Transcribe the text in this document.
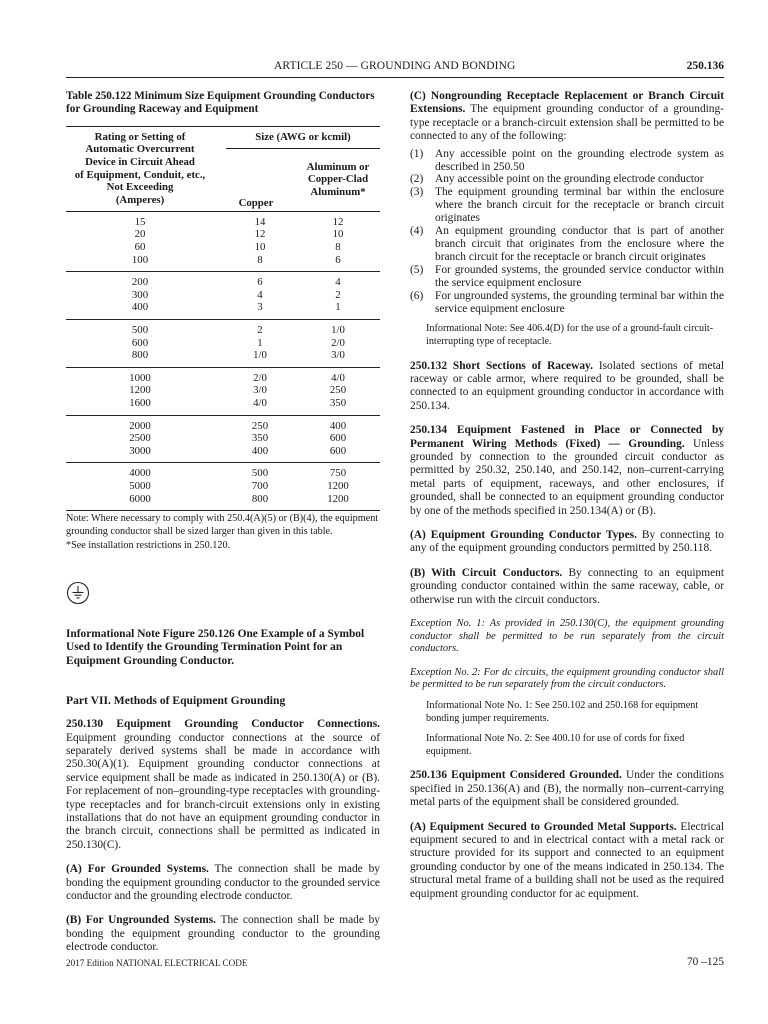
ARTICLE 250 — GROUNDING AND BONDING	250.136

Table 250.122 Minimum Size Equipment Grounding Conductors for Grounding Raceway and Equipment

Rating or Setting of
Automatic Overcurrent
Device in Circuit Ahead
of Equipment, Conduit, etc.,
Not Exceeding
(Amperes)
Size (AWG or kcmil)
Copper
Aluminum or
Copper-Clad
Aluminum*
15	14	12
20	12	10
60	10	8
100	8	6
200	6	4
300	4	2
400	3	1
500	2	1/0
600	1	2/0
800	1/0	3/0
1000	2/0	4/0
1200	3/0	250
1600	4/0	350
2000	250	400
2500	350	600
3000	400	600
4000	500	750
5000	700	1200
6000	800	1200

Note: Where necessary to comply with 250.4(A)(5) or (B)(4), the equipment grounding conductor shall be sized larger than given in this table.

*See installation restrictions in 250.120.

Informational Note Figure 250.126 One Example of a Symbol Used to Identify the Grounding Termination Point for an Equipment Grounding Conductor.

Part VII. Methods of Equipment Grounding

250.130 Equipment Grounding Conductor Connections. Equipment grounding conductor connections at the source of separately derived systems shall be made in accordance with 250.30(A)(1). Equipment grounding conductor connections at service equipment shall be made as indicated in 250.130(A) or (B). For replacement of non–grounding-type receptacles with grounding-type receptacles and for branch-circuit extensions only in existing installations that do not have an equipment grounding conductor in the branch circuit, connections shall be permitted as indicated in 250.130(C).

(A) For Grounded Systems. The connection shall be made by bonding the equipment grounding conductor to the grounded service conductor and the grounding electrode conductor.

(B) For Ungrounded Systems. The connection shall be made by bonding the equipment grounding conductor to the grounding electrode conductor.

(C) Nongrounding Receptacle Replacement or Branch Circuit Extensions. The equipment grounding conductor of a grounding-type receptacle or a branch-circuit extension shall be permitted to be connected to any of the following:

(1)	Any accessible point on the grounding electrode system as described in 250.50
(2)	Any accessible point on the grounding electrode conductor
(3)	The equipment grounding terminal bar within the enclosure where the branch circuit for the receptacle or branch circuit originates
(4)	An equipment grounding conductor that is part of another branch circuit that originates from the enclosure where the branch circuit for the receptacle or branch circuit originates
(5)	For grounded systems, the grounded service conductor within the service equipment enclosure
(6)	For ungrounded systems, the grounding terminal bar within the service equipment enclosure

Informational Note: See 406.4(D) for the use of a ground-fault circuit-interrupting type of receptacle.

250.132 Short Sections of Raceway. Isolated sections of metal raceway or cable armor, where required to be grounded, shall be connected to an equipment grounding conductor in accordance with 250.134.

250.134 Equipment Fastened in Place or Connected by Permanent Wiring Methods (Fixed) — Grounding. Unless grounded by connection to the grounded circuit conductor as permitted by 250.32, 250.140, and 250.142, non–current-carrying metal parts of equipment, raceways, and other enclosures, if grounded, shall be connected to an equipment grounding conductor by one of the methods specified in 250.134(A) or (B).

(A) Equipment Grounding Conductor Types. By connecting to any of the equipment grounding conductors permitted by 250.118.

(B) With Circuit Conductors. By connecting to an equipment grounding conductor contained within the same raceway, cable, or otherwise run with the circuit conductors.

Exception No. 1: As provided in 250.130(C), the equipment grounding conductor shall be permitted to be run separately from the circuit conductors.

Exception No. 2: For dc circuits, the equipment grounding conductor shall be permitted to be run separately from the circuit conductors.

Informational Note No. 1: See 250.102 and 250.168 for equipment bonding jumper requirements.

Informational Note No. 2: See 400.10 for use of cords for fixed equipment.

250.136 Equipment Considered Grounded. Under the conditions specified in 250.136(A) and (B), the normally non–current-carrying metal parts of the equipment shall be considered grounded.

(A) Equipment Secured to Grounded Metal Supports. Electrical equipment secured to and in electrical contact with a metal rack or structure provided for its support and connected to an equipment grounding conductor by one of the means indicated in 250.134. The structural metal frame of a building shall not be used as the required equipment grounding conductor for ac equipment.

2017 Edition NATIONAL ELECTRICAL CODE	70 –125
